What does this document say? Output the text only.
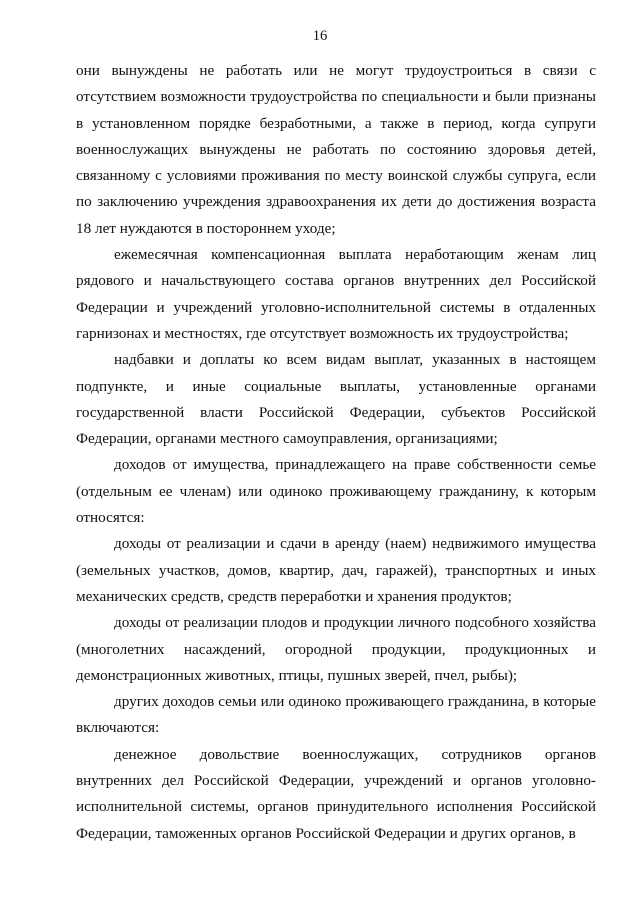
16

они вынуждены не работать или не могут трудоустроиться в связи с отсутствием возможности трудоустройства по специальности и были признаны в установленном порядке безработными, а также в период, когда супруги военнослужащих вынуждены не работать по состоянию здоровья детей, связанному с условиями проживания по месту воинской службы супруга, если по заключению учреждения здравоохранения их дети до достижения возраста 18 лет нуждаются в постороннем уходе;

ежемесячная компенсационная выплата неработающим женам лиц рядового и начальствующего состава органов внутренних дел Российской Федерации и учреждений уголовно-исполнительной системы в отдаленных гарнизонах и местностях, где отсутствует возможность их трудоустройства;

надбавки и доплаты ко всем видам выплат, указанных в настоящем подпункте, и иные социальные выплаты, установленные органами государственной власти Российской Федерации, субъектов Российской Федерации, органами местного самоуправления, организациями;

доходов от имущества, принадлежащего на праве собственности семье (отдельным ее членам) или одиноко проживающему гражданину, к которым относятся:

доходы от реализации и сдачи в аренду (наем) недвижимого имущества (земельных участков, домов, квартир, дач, гаражей), транспортных и иных механических средств, средств переработки и хранения продуктов;

доходы от реализации плодов и продукции личного подсобного хозяйства (многолетних насаждений, огородной продукции, продукционных и демонстрационных животных, птицы, пушных зверей, пчел, рыбы);

других доходов семьи или одиноко проживающего гражданина, в которые включаются:

денежное довольствие военнослужащих, сотрудников органов внутренних дел Российской Федерации, учреждений и органов уголовно-исполнительной системы, органов принудительного исполнения Российской Федерации, таможенных органов Российской Федерации и других органов, в
